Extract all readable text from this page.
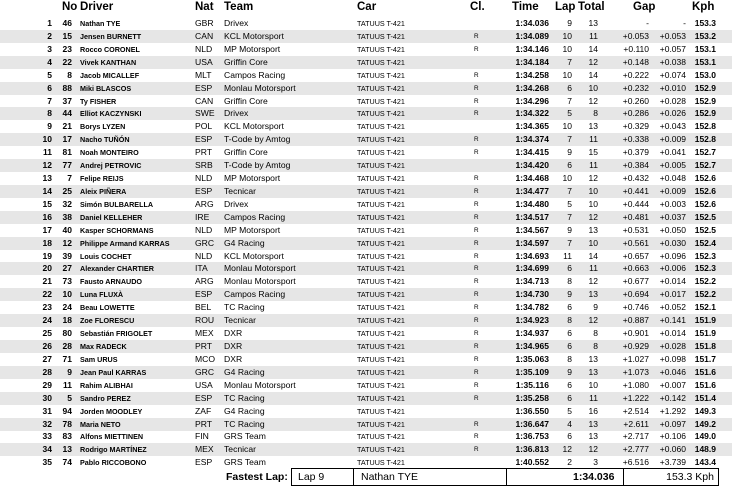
No Driver	Nat Team	Car	Cl. Time Lap Total Gap	Kph
1 46 Nathan TYE	GBR Drivex	TATUUS T-421	1:34.036 9 13	-	- 153.3
2 15 Jensen BURNETT	CAN KCL Motorsport	TATUUS T-421	R	1:34.089 10 11	+0.053 +0.053 153.2
3 23 Rocco CORONEL	NLD MP Motorsport	TATUUS T-421	R	1:34.146 10 14	+0.110 +0.057 153.1
4 22 Vivek KANTHAN	USA Griffin Core	TATUUS T-421	1:34.184 7 12	+0.148 +0.038 153.1
5 8 Jacob MICALLEF	MLT Campos Racing	TATUUS T-421	R	1:34.258 10 14	+0.222 +0.074 153.0
6 88 Miki BLASCOS	ESP Monlau Motorsport	TATUUS T-421	R	1:34.268 6 10	+0.232 +0.010 152.9
7 37 Ty FISHER	CAN Griffin Core	TATUUS T-421	R	1:34.296 7 12	+0.260 +0.028 152.9
8 44 Elliot KACZYNSKI	SWE Drivex	TATUUS T-421	R	1:34.322 5	8	+0.286 +0.026 152.9
9 21 Borys LYZEN	POL KCL Motorsport	TATUUS T-421	1:34.365 10 13	+0.329 +0.043 152.8
10 17 Nacho TUÑÓN	ESP T-Code by Amtog	TATUUS T-421	R	1:34.374 7 11	+0.338 +0.009 152.8
11 81 Noah MONTEIRO	PRT Griffin Core	TATUUS T-421	R	1:34.415 9 15	+0.379 +0.041 152.7
12 77 Andrej PETROVIC	SRB T-Code by Amtog	TATUUS T-421	1:34.420 6 11	+0.384 +0.005 152.7
13 7 Felipe REIJS	NLD MP Motorsport	TATUUS T-421	R	1:34.468 10 12	+0.432 +0.048 152.6
14 25 Aleix PIÑERA	ESP Tecnicar	TATUUS T-421	R	1:34.477 7 10	+0.441 +0.009 152.6
15 32 Simón BULBARELLA	ARG Drivex	TATUUS T-421	R	1:34.480 5 10	+0.444 +0.003 152.6
16 38 Daniel KELLEHER	IRE Campos Racing	TATUUS T-421	R	1:34.517 7 12	+0.481 +0.037 152.5
17 40 Kasper SCHORMANS	NLD MP Motorsport	TATUUS T-421	R	1:34.567 9 13	+0.531 +0.050 152.5
18 12 Philippe Armand KARRAS	GRC G4 Racing	TATUUS T-421	R	1:34.597 7 10	+0.561 +0.030 152.4
19 39 Louis COCHET	NLD KCL Motorsport	TATUUS T-421	R	1:34.693 11 14	+0.657 +0.096 152.3
20 27 Alexander CHARTIER	ITA Monlau Motorsport	TATUUS T-421	R	1:34.699 6 11	+0.663 +0.006 152.3
21 73 Fausto ARNAUDO	ARG Monlau Motorsport	TATUUS T-421	R	1:34.713 8 12	+0.677 +0.014 152.2
22 10 Luna FLUXÀ	ESP Campos Racing	TATUUS T-421	R	1:34.730 9 13	+0.694 +0.017 152.2
23 24 Beau LOWETTE	BEL TC Racing	TATUUS T-421	R	1:34.782 6	9	+0.746 +0.052 152.1
24 18 Zoe FLORESCU	ROU Tecnicar	TATUUS T-421	R	1:34.923 8 12	+0.887 +0.141 151.9
25 80 Sebastián FRIGOLET	MEX DXR	TATUUS T-421	R	1:34.937 6	8	+0.901 +0.014 151.9
26 28 Max RADECK	PRT DXR	TATUUS T-421	R	1:34.965 6	8	+0.929 +0.028 151.8
27 71 Sam URUS	MCO DXR	TATUUS T-421	R	1:35.063 8 13	+1.027 +0.098 151.7
28 9 Jean Paul KARRAS	GRC G4 Racing	TATUUS T-421	R	1:35.109 9 13	+1.073 +0.046 151.6
29 11 Rahim ALIBHAI	USA Monlau Motorsport	TATUUS T-421	R	1:35.116 6 10	+1.080 +0.007 151.6
30 5 Sandro PEREZ	ESP TC Racing	TATUUS T-421	R	1:35.258 6 11	+1.222 +0.142 151.4
31 94 Jorden MOODLEY	ZAF G4 Racing	TATUUS T-421	1:36.550 5 16	+2.514 +1.292 149.3
32 78 Maria NETO	PRT TC Racing	TATUUS T-421	R	1:36.647 4 13	+2.611 +0.097 149.2
33 83 Alfons MIETTINEN	FIN GRS Team	TATUUS T-421	R	1:36.753 6 13	+2.717 +0.106 149.0
34 13 Rodrigo MARTÍNEZ	MEX Tecnicar	TATUUS T-421	R	1:36.813 12 12	+2.777 +0.060 148.9
35 74 Pablo RICCOBONO	ESP GRS Team	TATUUS T-421	1:40.552 2	3	+6.516 +3.739 143.4
Fastest Lap: Lap 9	Nathan TYE	1:34.036	153.3 Kph
